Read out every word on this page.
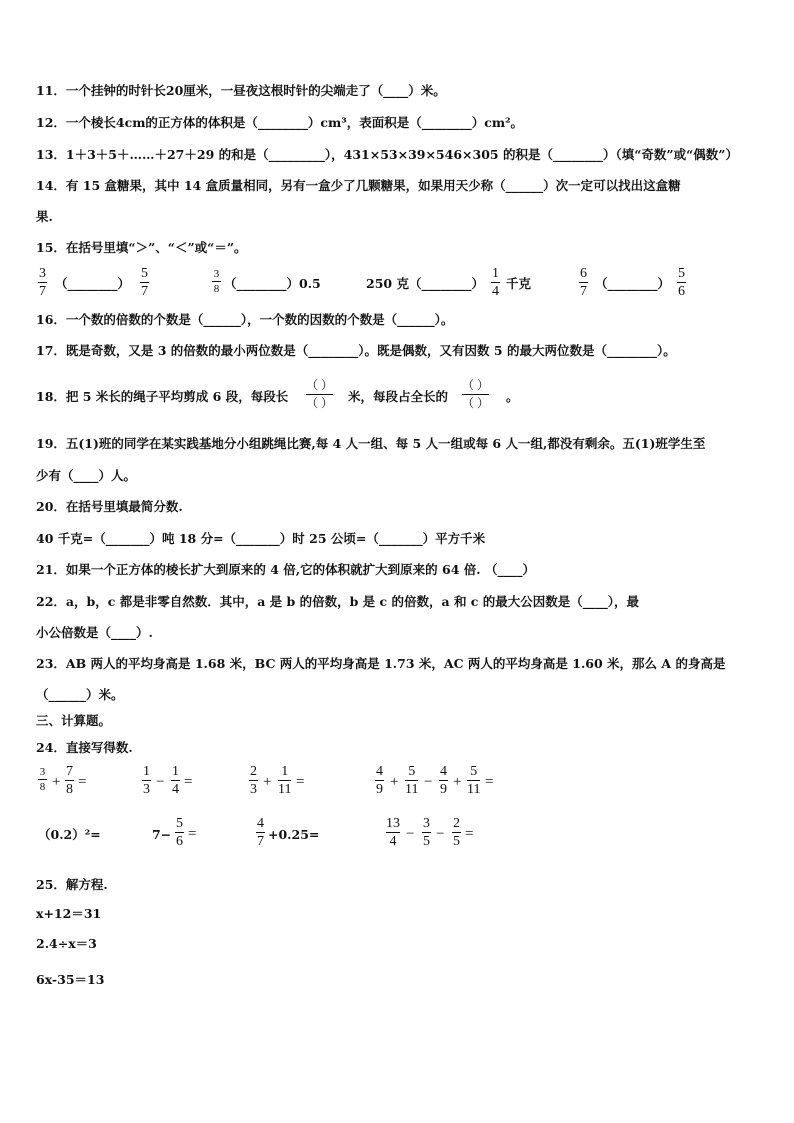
11．一个挂钟的时针长20厘米，一昼夜这根时针的尖端走了（____）米。
12．一个棱长4cm的正方体的体积是（________）cm³，表面积是（________）cm²。
13．1＋3＋5＋……＋27＋29 的和是（_________），431×53×39×546×305 的积是（________）（填“奇数”或“偶数”）
14．有 15 盒糖果，其中 14 盒质量相同，另有一盒少了几颗糖果，如果用天少称（______）次一定可以找出这盒糖
果.
15．在括号里填“＞”、“＜”或“＝”。
3
7
（________）
5
7
3
8 （________）0.5	250 克（________）
1
4
千克
6
7
（________）
5
6
16．一个数的倍数的个数是（______），一个数的因数的个数是（______）。
17．既是奇数，又是 3 的倍数的最小两位数是（________）。既是偶数，又有因数 5 的最大两位数是（________）。
18．把 5 米长的绳子平均剪成 6 段，每段长
（ ）
（ ） 米，每段占全长的
（ ）
（ ） 。
19．五(1)班的同学在某实践基地分小组跳绳比赛,每 4 人一组、每 5 人一组或每 6 人一组,都没有剩余。五(1)班学生至
少有（____）人。
20．在括号里填最简分数.
40 千克=（_______）吨 18 分=（_______）时 25 公顷=（_______）平方千米
21．如果一个正方体的棱长扩大到原来的 4 倍,它的体积就扩大到原来的 64 倍. （____）
22．a，b，c 都是非零自然数．其中，a 是 b 的倍数，b 是 c 的倍数，a 和 c 的最大公因数是（____），最
小公倍数是（____）.
23．AB 两人的平均身高是 1.68 米，BC 两人的平均身高是 1.73 米，AC 两人的平均身高是 1.60 米，那么 A 的身高是
（______）米。
三、计算题。
24．直接写得数.
3
8 +
7
8 =
1
3 −
1
4 =
2
3 +
1
11 =
4
9 +
5
11 −
4
9 +
5
11 =
（0.2）²=	7−
5
6 =
4
7 +0.25=
13
4 −
3
5 −
2
5 =
25．解方程.
x+12＝31
2.4÷x＝3
6x-35＝13
